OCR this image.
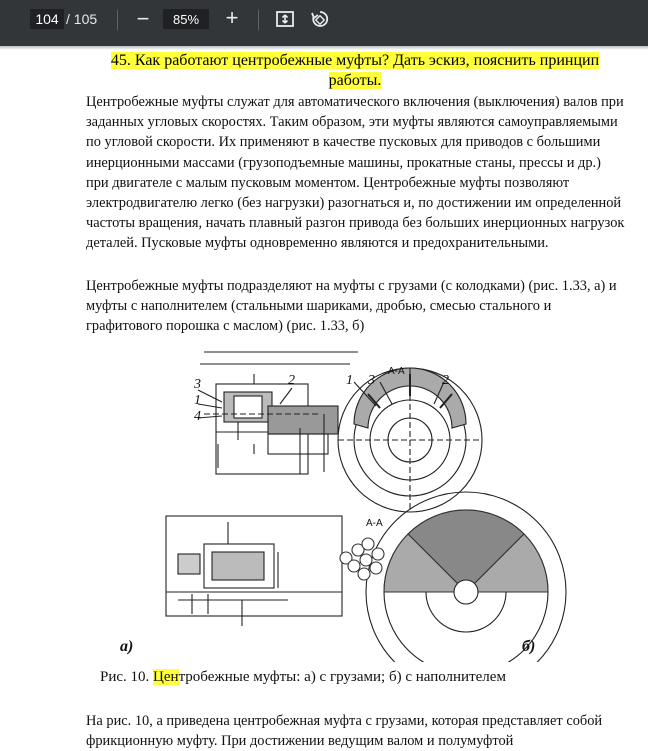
104 / 105 −	85%	+
45. Как работают центробежные муфты? Дать эскиз, пояснить принцип работы.

Центробежные муфты служат для автоматического включения (выключения) валов при заданных угловых скоростях. Таким образом, эти муфты являются самоуправляемыми по угловой скорости. Их применяют в качестве пусковых для приводов с большими инерционными массами (грузоподъемные машины, прокатные станы, прессы и др.) при двигателе с малым пусковым моментом. Центробежные муфты позволяют электродвигателю легко (без нагрузки) разогнаться и, по достижении им определенной частоты вращения, начать плавный разгон привода без больших инерционных нагрузок деталей. Пусковые муфты одновременно являются и предохранительными.

Центробежные муфты подразделяют на муфты с грузами (с колодками) (рис. 1.33, а) и муфты с наполнителем (стальными шариками, дробью, смесью стального и графитового порошка с маслом) (рис. 1.33, б)

3
1
4
2	1 3	2
А-А
А-А
а)	б)
Рис. 10. Центробежные муфты: а) с грузами; б) с наполнителем

На рис. 10, а приведена центробежная муфта с грузами, которая представляет собой фрикционную муфту. При достижении ведущим валом и полумуфтой
